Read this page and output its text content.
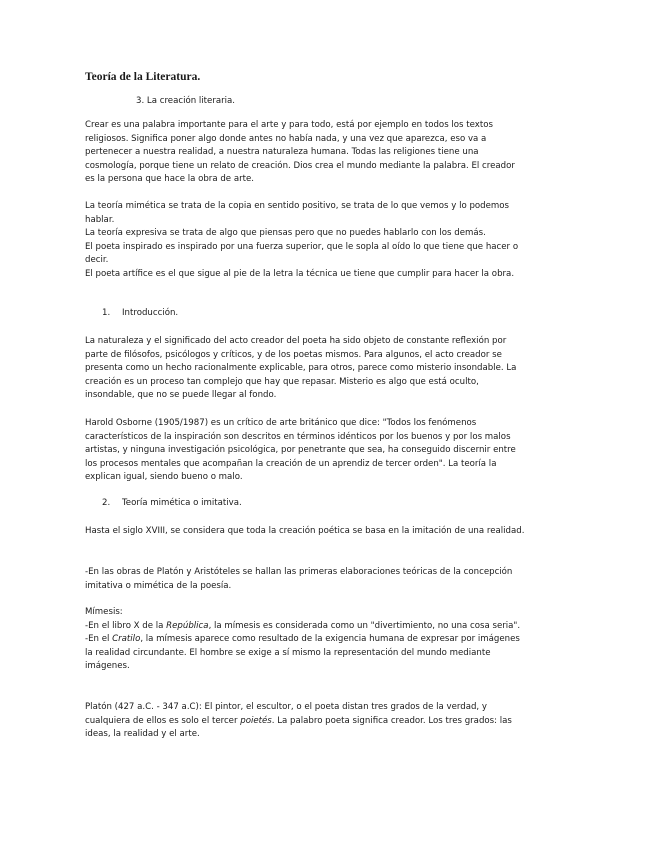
Teoría de la Literatura.
3. La creación literaria.

Crear es una palabra importante para el arte y para todo, está por ejemplo en todos los textos religiosos. Significa poner algo donde antes no había nada, y una vez que aparezca, eso va a pertenecer a nuestra realidad, a nuestra naturaleza humana. Todas las religiones tiene una cosmología, porque tiene un relato de creación. Dios crea el mundo mediante la palabra. El creador es la persona que hace la obra de arte.

La teoría mimética se trata de la copia en sentido positivo, se trata de lo que vemos y lo podemos hablar.

La teoría expresiva se trata de algo que piensas pero que no puedes hablarlo con los demás.

El poeta inspirado es inspirado por una fuerza superior, que le sopla al oído lo que tiene que hacer o decir.

El poeta artífice es el que sigue al pie de la letra la técnica ue tiene que cumplir para hacer la obra.

1. Introducción.

La naturaleza y el significado del acto creador del poeta ha sido objeto de constante reflexión por parte de filósofos, psicólogos y críticos, y de los poetas mismos. Para algunos, el acto creador se presenta como un hecho racionalmente explicable, para otros, parece como misterio insondable. La creación es un proceso tan complejo que hay que repasar. Misterio es algo que está oculto, insondable, que no se puede llegar al fondo.

Harold Osborne (1905/1987) es un crítico de arte británico que dice: "Todos los fenómenos característicos de la inspiración son descritos en términos idénticos por los buenos y por los malos artistas, y ninguna investigación psicológica, por penetrante que sea, ha conseguido discernir entre los procesos mentales que acompañan la creación de un aprendiz de tercer orden". La teoría la explican igual, siendo bueno o malo.

2. Teoría mimética o imitativa.

Hasta el siglo XVIII, se considera que toda la creación poética se basa en la imitación de una realidad.

-En las obras de Platón y Aristóteles se hallan las primeras elaboraciones teóricas de la concepción imitativa o mimética de la poesía.

Mímesis:

-En el libro X de la República, la mímesis es considerada como un "divertimiento, no una cosa seria".

-En el Cratilo, la mímesis aparece como resultado de la exigencia humana de expresar por imágenes la realidad circundante. El hombre se exige a sí mismo la representación del mundo mediante imágenes.

Platón (427 a.C. - 347 a.C): El pintor, el escultor, o el poeta distan tres grados de la verdad, y cualquiera de ellos es solo el tercer poietés. La palabro poeta significa creador. Los tres grados: las ideas, la realidad y el arte.
